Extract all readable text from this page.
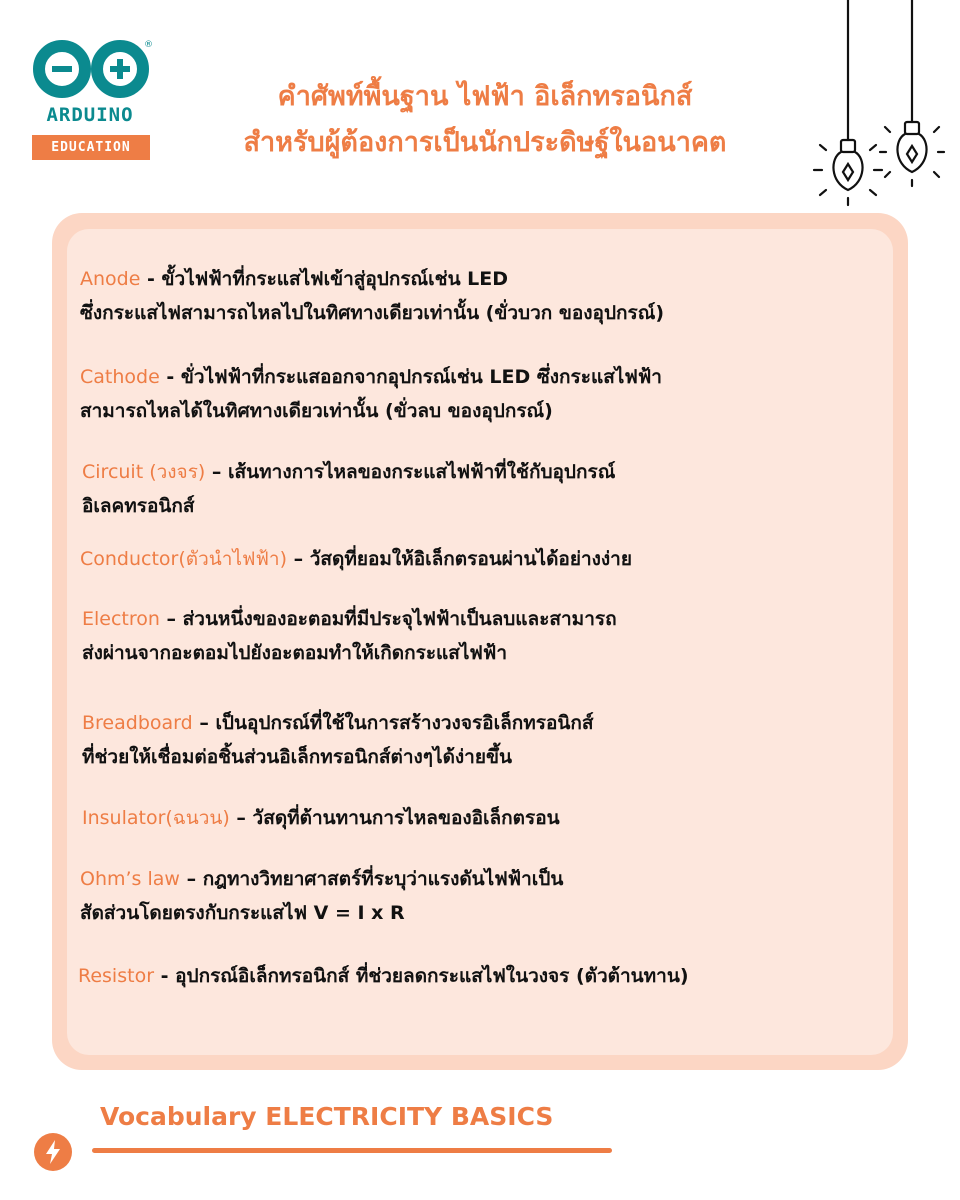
®
ARDUINO
EDUCATION
คำศัพท์พื้นฐาน ไฟฟ้า อิเล็กทรอนิกส์
สำหรับผู้ต้องการเป็นนักประดิษฐ์ในอนาคต
Anode - ขั้วไฟฟ้าที่กระแสไฟเข้าสู่อุปกรณ์เช่น LED
ซึ่งกระแสไฟสามารถไหลไปในทิศทางเดียวเท่านั้น (ขั่วบวก ของอุปกรณ์)
Cathode - ขั่วไฟฟ้าที่กระแสออกจากอุปกรณ์เช่น LED ซึ่งกระแสไฟฟ้า
สามารถไหลได้ในทิศทางเดียวเท่านั้น (ขั่วลบ ของอุปกรณ์)
Circuit (วงจร) – เส้นทางการไหลของกระแสไฟฟ้าที่ใช้กับอุปกรณ์
อิเลคทรอนิกส์
Conductor(ตัวนำไฟฟ้า) – วัสดุที่ยอมให้อิเล็กตรอนผ่านได้อย่างง่าย
Electron – ส่วนหนึ่งของอะตอมที่มีประจุไฟฟ้าเป็นลบและสามารถ
ส่งผ่านจากอะตอมไปยังอะตอมทำให้เกิดกระแสไฟฟ้า
Breadboard – เป็นอุปกรณ์ที่ใช้ในการสร้างวงจรอิเล็กทรอนิกส์
ที่ช่วยให้เชื่อมต่อชิ้นส่วนอิเล็กทรอนิกส์ต่างๆได้ง่ายขึ้น
Insulator(ฉนวน) – วัสดุที่ต้านทานการไหลของอิเล็กตรอน
Ohm’s law – กฎทางวิทยาศาสตร์ที่ระบุว่าแรงดันไฟฟ้าเป็น
สัดส่วนโดยตรงกับกระแสไฟ V = I x R
Resistor - อุปกรณ์อิเล็กทรอนิกส์ ที่ช่วยลดกระแสไฟในวงจร (ตัวต้านทาน)
Vocabulary ELECTRICITY BASICS
